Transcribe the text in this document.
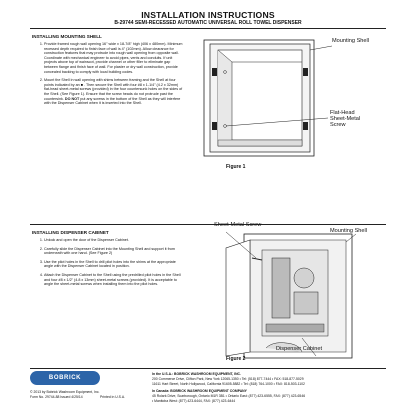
INSTALLATION INSTRUCTIONS
B-29744 SEMI-RECESSED AUTOMATIC UNIVERSAL ROLL TOWEL DISPENSER
INSTALLING MOUNTING SHELL
1. Provide framed rough wall opening 16" wide x 18-7/8" high (406 x 480mm). Minimum recessed depth required to finish face of wall is 4" (102mm). Allow clearance for construction features that may protrude into rough wall opening from opposite wall. Coordinate with mechanical engineer to avoid pipes, vents and conduits. If unit projects above top of wainscot, provide channel or other filler to eliminate gap between flange and finish face of wall. For plaster or dry wall construction, provide concealed backing to comply with local building codes.
2. Mount the Shell in wall opening with shims between framing and the Shell at four points indicated by an ■ . Then secure the Shell with four #8 x 1-1/4" (4.2 x 32mm) flat-head sheet-metal screws (provided) in the four countersunk holes on the sides of the Shell. (See Figure 1). Ensure that the screw heads do not protrude past the countersink. DO NOT put any screws in the bottom of the Shell as they will interfere with the Dispenser Cabinet when it is inserted into the Shell.
Mounting Shell
Flat-Head
Sheet-Metal
Screw
Figure 1
INSTALLING DISPENSER CABINET
1. Unlock and open the door of the Dispenser Cabinet.
2. Carefully slide the Dispenser Cabinet into the Mounting Shell and support it from underneath with one hand. (See Figure 2)
3. Use the pilot holes in the Shell to drill pilot holes into the shims at the appropriate angle with the Dispenser Cabinet located in position.
4. Attach the Dispenser Cabinet to the Shell using the predrilled pilot holes in the Shell and four #8 x 1/2" (4.8 x 13mm) sheet-metal screws (provided). It is acceptable to angle the sheet-metal screws when installing them into the pilot holes.
Sheet-Metal Screw
Mounting Shell
Dispenser Cabinet
Figure 2
BOBRICK
© 2013 by Bobrick Washroom Equipment, Inc.
Form No. 29744-88 Issued 4/25/14	Printed in U.S.A.
In the U.S.A.: BOBRICK WASHROOM EQUIPMENT, INC.
200 Commerce Drive, Clifton Park, New York 12065-1350 • Tel: (518) 877-7444 • FAX: 518-877-5029
11611 Hart Street, North Hollywood, California 91605-5882 • Tel: (818) 764-1000 • FAX: 818-503-1102
In Canada: BOBRICK WASHROOM EQUIPMENT COMPANY
45 Rolark Drive, Scarborough, Ontario M1R 3B1 • Ontario East: (877) 423-6555, FAX: (877) 423-6546
• Manitoba West: (877) 423-6444, FAX: (877) 423-6444
